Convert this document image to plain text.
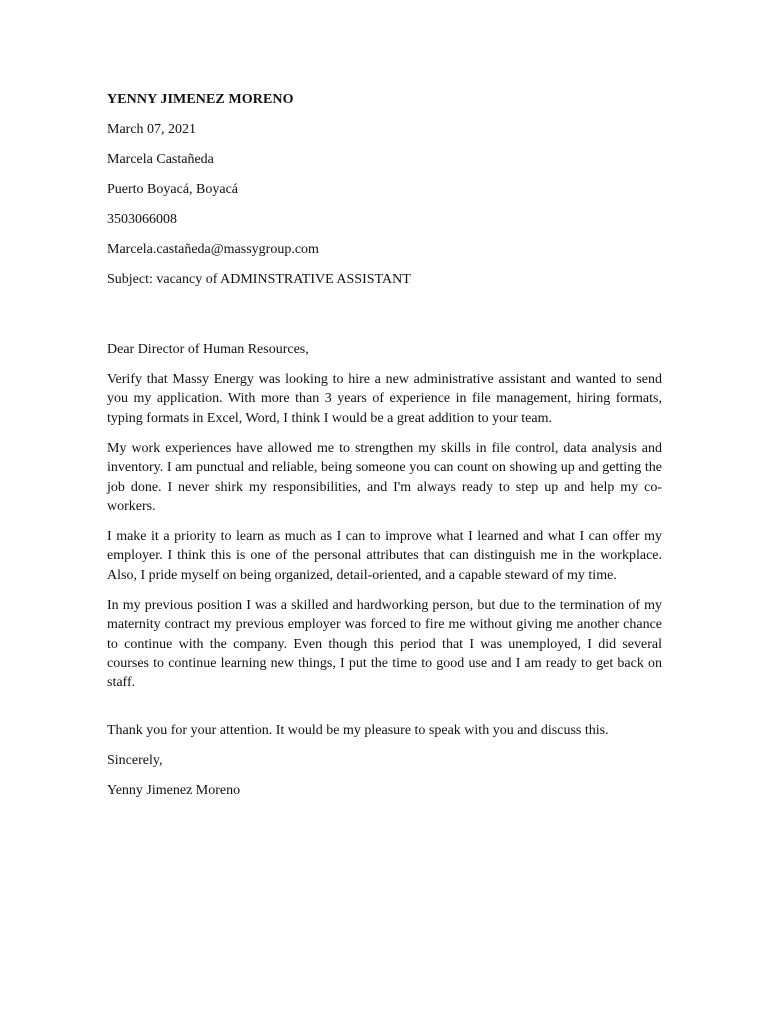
YENNY JIMENEZ MORENO
March 07, 2021
Marcela Castañeda
Puerto Boyacá, Boyacá
3503066008
Marcela.castañeda@massygroup.com
Subject: vacancy of ADMINSTRATIVE ASSISTANT
Dear Director of Human Resources,

Verify that Massy Energy was looking to hire a new administrative assistant and wanted to send you my application. With more than 3 years of experience in file management, hiring formats, typing formats in Excel, Word, I think I would be a great addition to your team.

My work experiences have allowed me to strengthen my skills in file control, data analysis and inventory. I am punctual and reliable, being someone you can count on showing up and getting the job done. I never shirk my responsibilities, and I'm always ready to step up and help my co-workers.

I make it a priority to learn as much as I can to improve what I learned and what I can offer my employer. I think this is one of the personal attributes that can distinguish me in the workplace. Also, I pride myself on being organized, detail-oriented, and a capable steward of my time.

In my previous position I was a skilled and hardworking person, but due to the termination of my maternity contract my previous employer was forced to fire me without giving me another chance to continue with the company. Even though this period that I was unemployed, I did several courses to continue learning new things, I put the time to good use and I am ready to get back on staff.

Thank you for your attention. It would be my pleasure to speak with you and discuss this.
Sincerely,
Yenny Jimenez Moreno
